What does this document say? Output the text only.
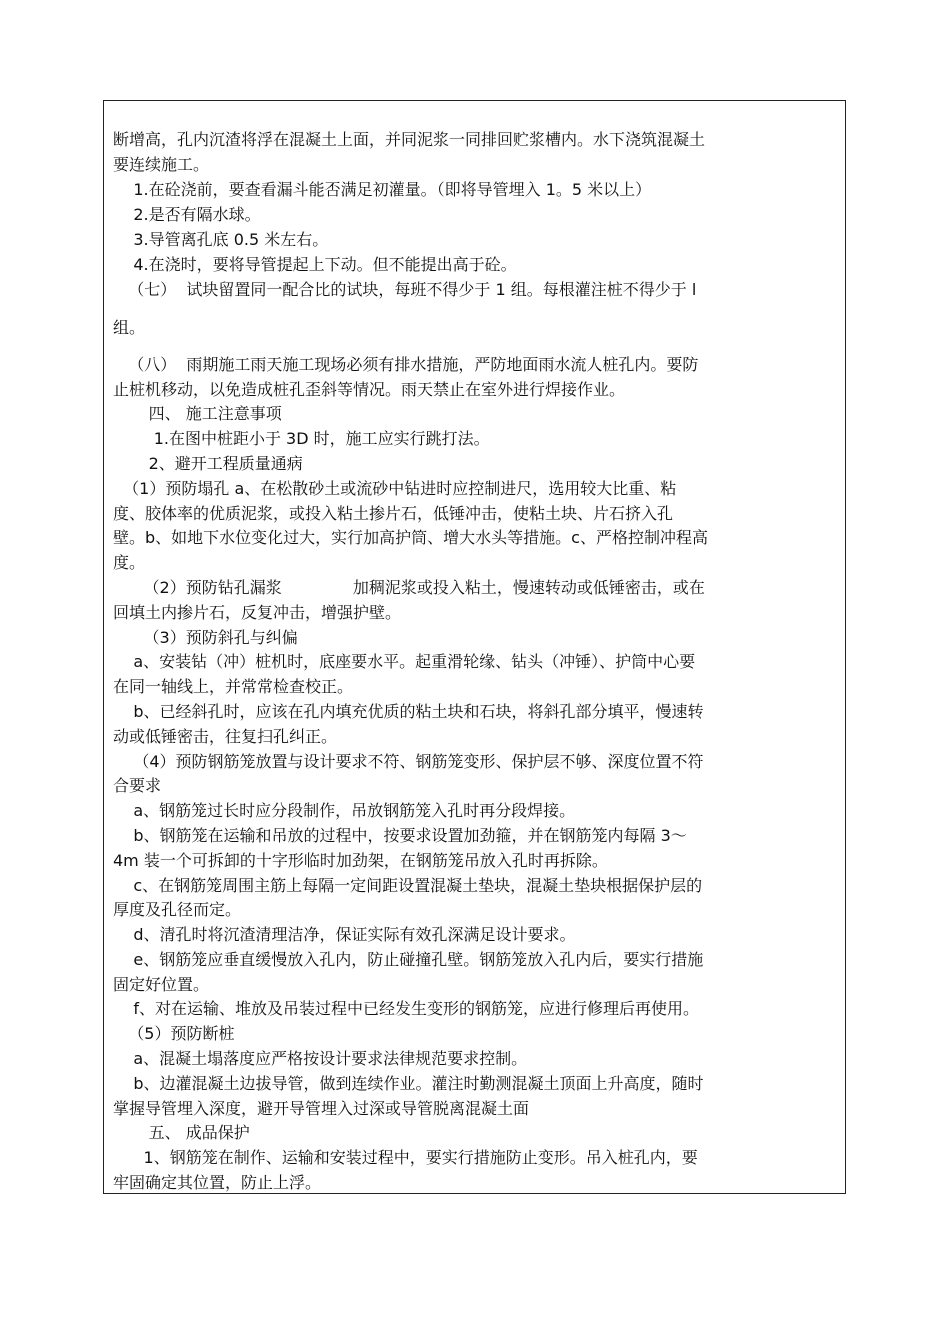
断增高，孔内沉渣将浮在混凝土上面，并同泥浆一同排回贮浆槽内。水下浇筑混凝土

要连续施工。

1.在砼浇前，要查看漏斗能否满足初灌量。（即将导管埋入 1。5 米以上）

2.是否有隔水球。

3.导管离孔底 0.5 米左右。

4.在浇时，要将导管提起上下动。但不能提出高于砼。

（七）  试块留置同一配合比的试块，每班不得少于 1 组。每根灌注桩不得少于 l

组。

（八）  雨期施工雨天施工现场必须有排水措施，严防地面雨水流人桩孔内。要防

止桩机移动，以免造成桩孔歪斜等情况。雨天禁止在室外进行焊接作业。

四、 施工注意事项

1.在图中桩距小于 3D 时，施工应实行跳打法。

2、避开工程质量通病

（1）预防塌孔 a、在松散砂土或流砂中钻进时应控制进尺，选用较大比重、粘

度、胶体率的优质泥浆，或投入粘土掺片石，低锤冲击，使粘土块、片石挤入孔

壁。b、如地下水位变化过大，实行加高护筒、增大水头等措施。c、严格控制冲程高

度。

（2）预防钻孔漏浆              加稠泥浆或投入粘土，慢速转动或低锤密击，或在

回填土内掺片石，反复冲击，增强护壁。

（3）预防斜孔与纠偏

a、安装钻（冲）桩机时，底座要水平。起重滑轮缘、钻头（冲锤）、护筒中心要

在同一轴线上，并常常检查校正。

b、已经斜孔时，应该在孔内填充优质的粘土块和石块，将斜孔部分填平，慢速转

动或低锤密击，往复扫孔纠正。

（4）预防钢筋笼放置与设计要求不符、钢筋笼变形、保护层不够、深度位置不符

合要求

a、钢筋笼过长时应分段制作，吊放钢筋笼入孔时再分段焊接。

b、钢筋笼在运输和吊放的过程中，按要求设置加劲箍，并在钢筋笼内每隔 3～

4m 装一个可拆卸的十字形临时加劲架，在钢筋笼吊放入孔时再拆除。

c、在钢筋笼周围主筋上每隔一定间距设置混凝土垫块，混凝土垫块根据保护层的

厚度及孔径而定。

d、清孔时将沉渣清理洁净，保证实际有效孔深满足设计要求。

e、钢筋笼应垂直缓慢放入孔内，防止碰撞孔壁。钢筋笼放入孔内后，要实行措施

固定好位置。

f、对在运输、堆放及吊装过程中已经发生变形的钢筋笼，应进行修理后再使用。

（5）预防断桩

a、混凝土塌落度应严格按设计要求法律规范要求控制。

b、边灌混凝土边拔导管，做到连续作业。灌注时勤测混凝土顶面上升高度，随时

掌握导管埋入深度，避开导管埋入过深或导管脱离混凝土面

五、 成品保护

1、钢筋笼在制作、运输和安装过程中，要实行措施防止变形。吊入桩孔内，要

牢固确定其位置，防止上浮。
